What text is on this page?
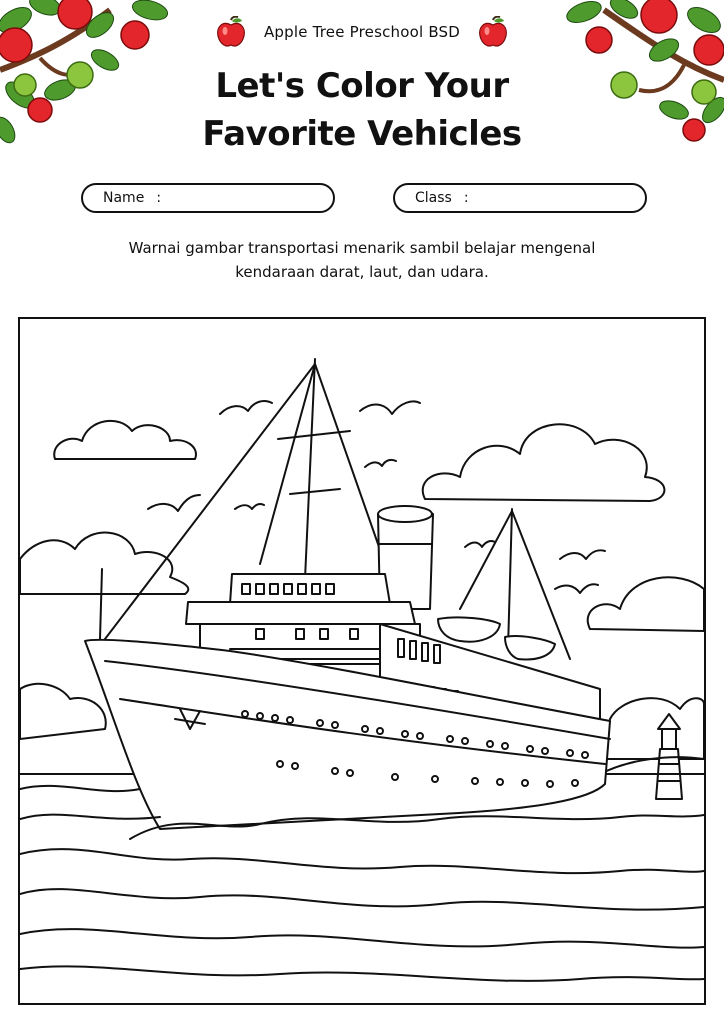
Apple Tree Preschool BSD
Let's Color Your
Favorite Vehicles
Name :	Class :
Warnai gambar transportasi menarik sambil belajar mengenal
kendaraan darat, laut, dan udara.
